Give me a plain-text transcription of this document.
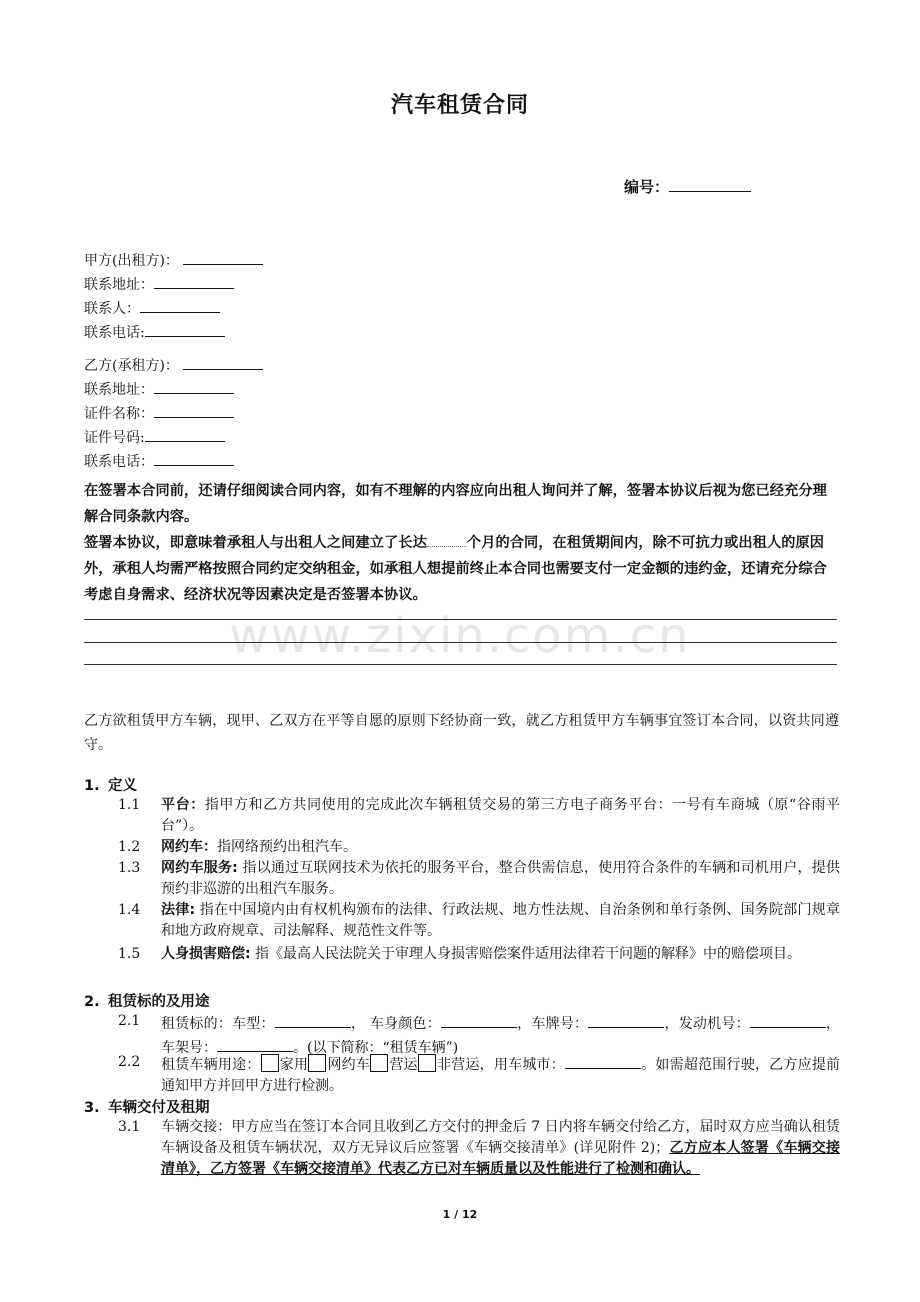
汽车租赁合同
编号：
甲方(出租方)：
联系地址：
联系人：
联系电话:
乙方(承租方)：
联系地址：
证件名称：
证件号码:
联系电话：
在签署本合同前，还请仔细阅读合同内容，如有不理解的内容应向出租人询问并了解，签署本协议后视为您已经充分理解合同条款内容。
签署本协议，即意味着承租人与出租人之间建立了长达	个月的合同，在租赁期间内，除不可抗力或出租人的原因外，承租人均需严格按照合同约定交纳租金，如承租人想提前终止本合同也需要支付一定金额的违约金，还请充分综合考虑自身需求、经济状况等因素决定是否签署本协议。
www.zixin.com.cn
乙方欲租赁甲方车辆，现甲、乙双方在平等自愿的原则下经协商一致，就乙方租赁甲方车辆事宜签订本合同，以资共同遵守。
1. 定义
1.1	平台：指甲方和乙方共同使用的完成此次车辆租赁交易的第三方电子商务平台：一号有车商城（原“谷雨平台”）。
1.2	网约车：指网络预约出租汽车。
1.3	网约车服务: 指以通过互联网技术为依托的服务平台，整合供需信息，使用符合条件的车辆和司机用户，提供预约非巡游的出租汽车服务。
1.4	法律: 指在中国境内由有权机构颁布的法律、行政法规、地方性法规、自治条例和单行条例、国务院部门规章和地方政府规章、司法解释、规范性文件等。
1.5	人身损害赔偿: 指《最高人民法院关于审理人身损害赔偿案件适用法律若干问题的解释》中的赔偿项目。
2. 租赁标的及用途
2.1	租赁标的：车型：	， 车身颜色：	，车牌号：	，发动机号：	，车架号：	。(以下简称：“租赁车辆”)
2.2	租赁车辆用途： 家用 网约车 营运 非营运，用车城市：	。如需超范围行驶，乙方应提前通知甲方并回甲方进行检测。
3. 车辆交付及租期
3.1	车辆交接：甲方应当在签订本合同且收到乙方交付的押金后 7 日内将车辆交付给乙方，届时双方应当确认租赁车辆设备及租赁车辆状况，双方无异议后应签署《车辆交接清单》(详见附件 2)；乙方应本人签署《车辆交接清单》，乙方签署《车辆交接清单》代表乙方已对车辆质量以及性能进行了检测和确认。
1 / 12
